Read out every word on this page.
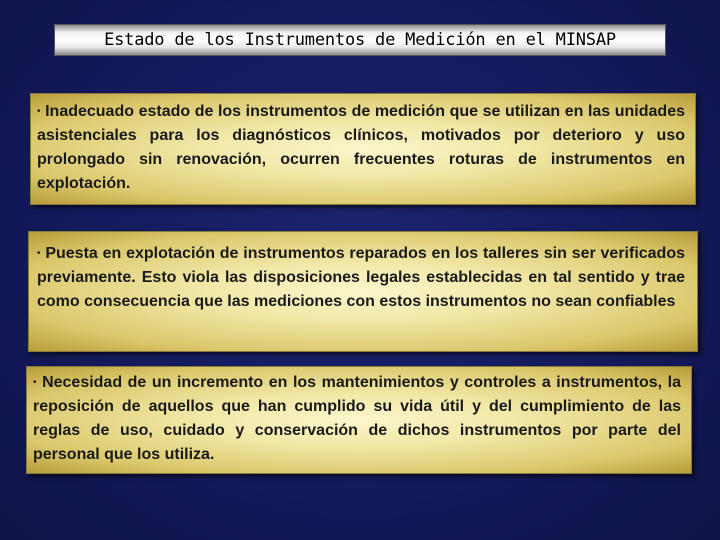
Estado de los Instrumentos de Medición en el MINSAP

• Inadecuado estado de los instrumentos de medición que se utilizan en las unidades asistenciales para los diagnósticos clínicos, motivados por deterioro y uso prolongado sin renovación, ocurren frecuentes roturas de instrumentos en explotación.

• Puesta en explotación de instrumentos reparados en los talleres sin ser verificados previamente. Esto viola las disposiciones legales establecidas en tal sentido y trae como consecuencia que las mediciones con estos instrumentos no sean confiables

• Necesidad de un incremento en los mantenimientos y controles a instrumentos, la reposición de aquellos que han cumplido su vida útil y del cumplimiento de las reglas de uso, cuidado y conservación de dichos instrumentos por parte del personal que los utiliza.
